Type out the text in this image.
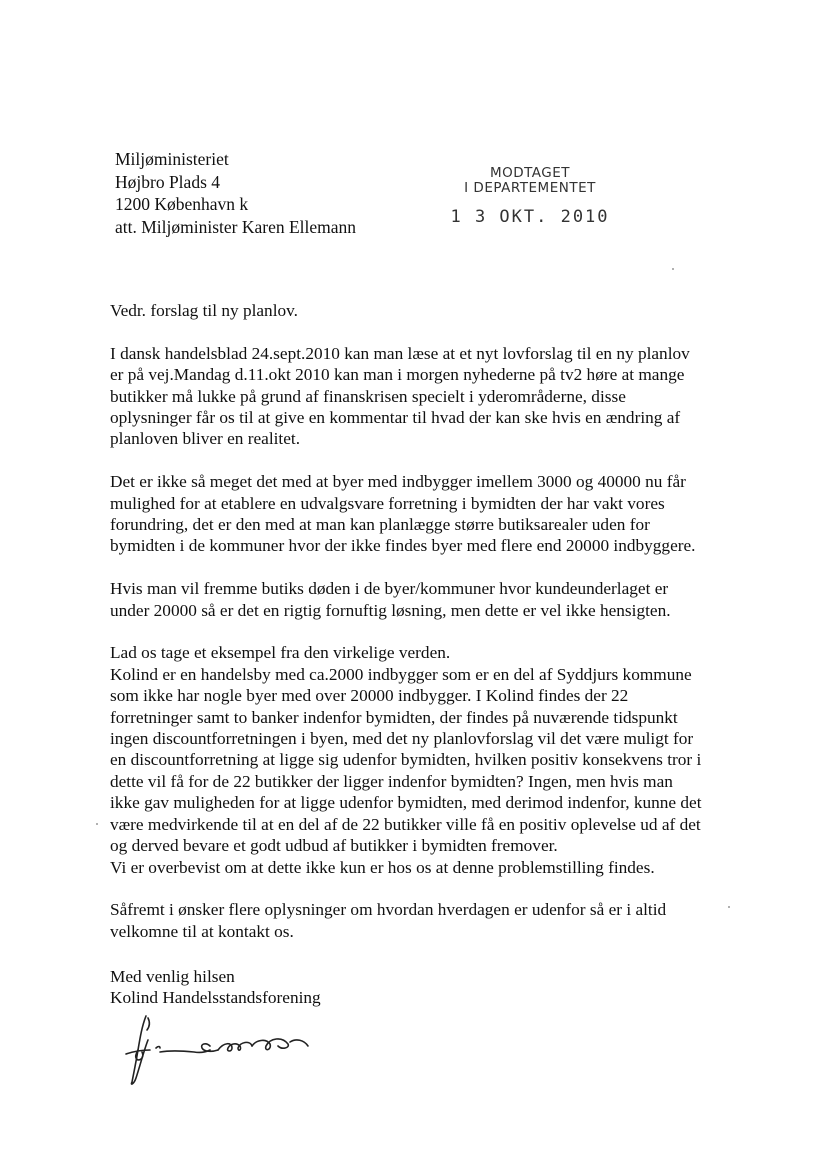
Miljøministeriet
Højbro Plads 4
1200 København k
att. Miljøminister Karen Ellemann
MODTAGET
I DEPARTEMENTET
1 3 OKT. 2010

Vedr. forslag til ny planlov.

I dansk handelsblad 24.sept.2010 kan man læse at et nyt lovforslag til en ny planlov
er på vej.Mandag d.11.okt 2010 kan man i morgen nyhederne på tv2 høre at mange
butikker må lukke på grund af finanskrisen specielt i yderområderne, disse
oplysninger får os til at give en kommentar til hvad der kan ske hvis en ændring af
planloven bliver en realitet.

Det er ikke så meget det med at byer med indbygger imellem 3000 og 40000 nu får
mulighed for at etablere en udvalgsvare forretning i bymidten der har vakt vores
forundring, det er den med at man kan planlægge større butiksarealer uden for
bymidten i de kommuner hvor der ikke findes byer med flere end 20000 indbyggere.

Hvis man vil fremme butiks døden i de byer/kommuner hvor kundeunderlaget er
under 20000 så er det en rigtig fornuftig løsning, men dette er vel ikke hensigten.

Lad os tage et eksempel fra den virkelige verden.
Kolind er en handelsby med ca.2000 indbygger som er en del af Syddjurs kommune
som ikke har nogle byer med over 20000 indbygger. I Kolind findes der 22
forretninger samt to banker indenfor bymidten, der findes på nuværende tidspunkt
ingen discountforretningen i byen, med det ny planlovforslag vil det være muligt for
en discountforretning at ligge sig udenfor bymidten, hvilken positiv konsekvens tror i
dette vil få for de 22 butikker der ligger indenfor bymidten? Ingen, men hvis man
ikke gav muligheden for at ligge udenfor bymidten, med derimod indenfor, kunne det
være medvirkende til at en del af de 22 butikker ville få en positiv oplevelse ud af det
og derved bevare et godt udbud af butikker i bymidten fremover.
Vi er overbevist om at dette ikke kun er hos os at denne problemstilling findes.

Såfremt i ønsker flere oplysninger om hvordan hverdagen er udenfor så er i altid
velkomne til at kontakt os.

Med venlig hilsen
Kolind Handelsstandsforening
